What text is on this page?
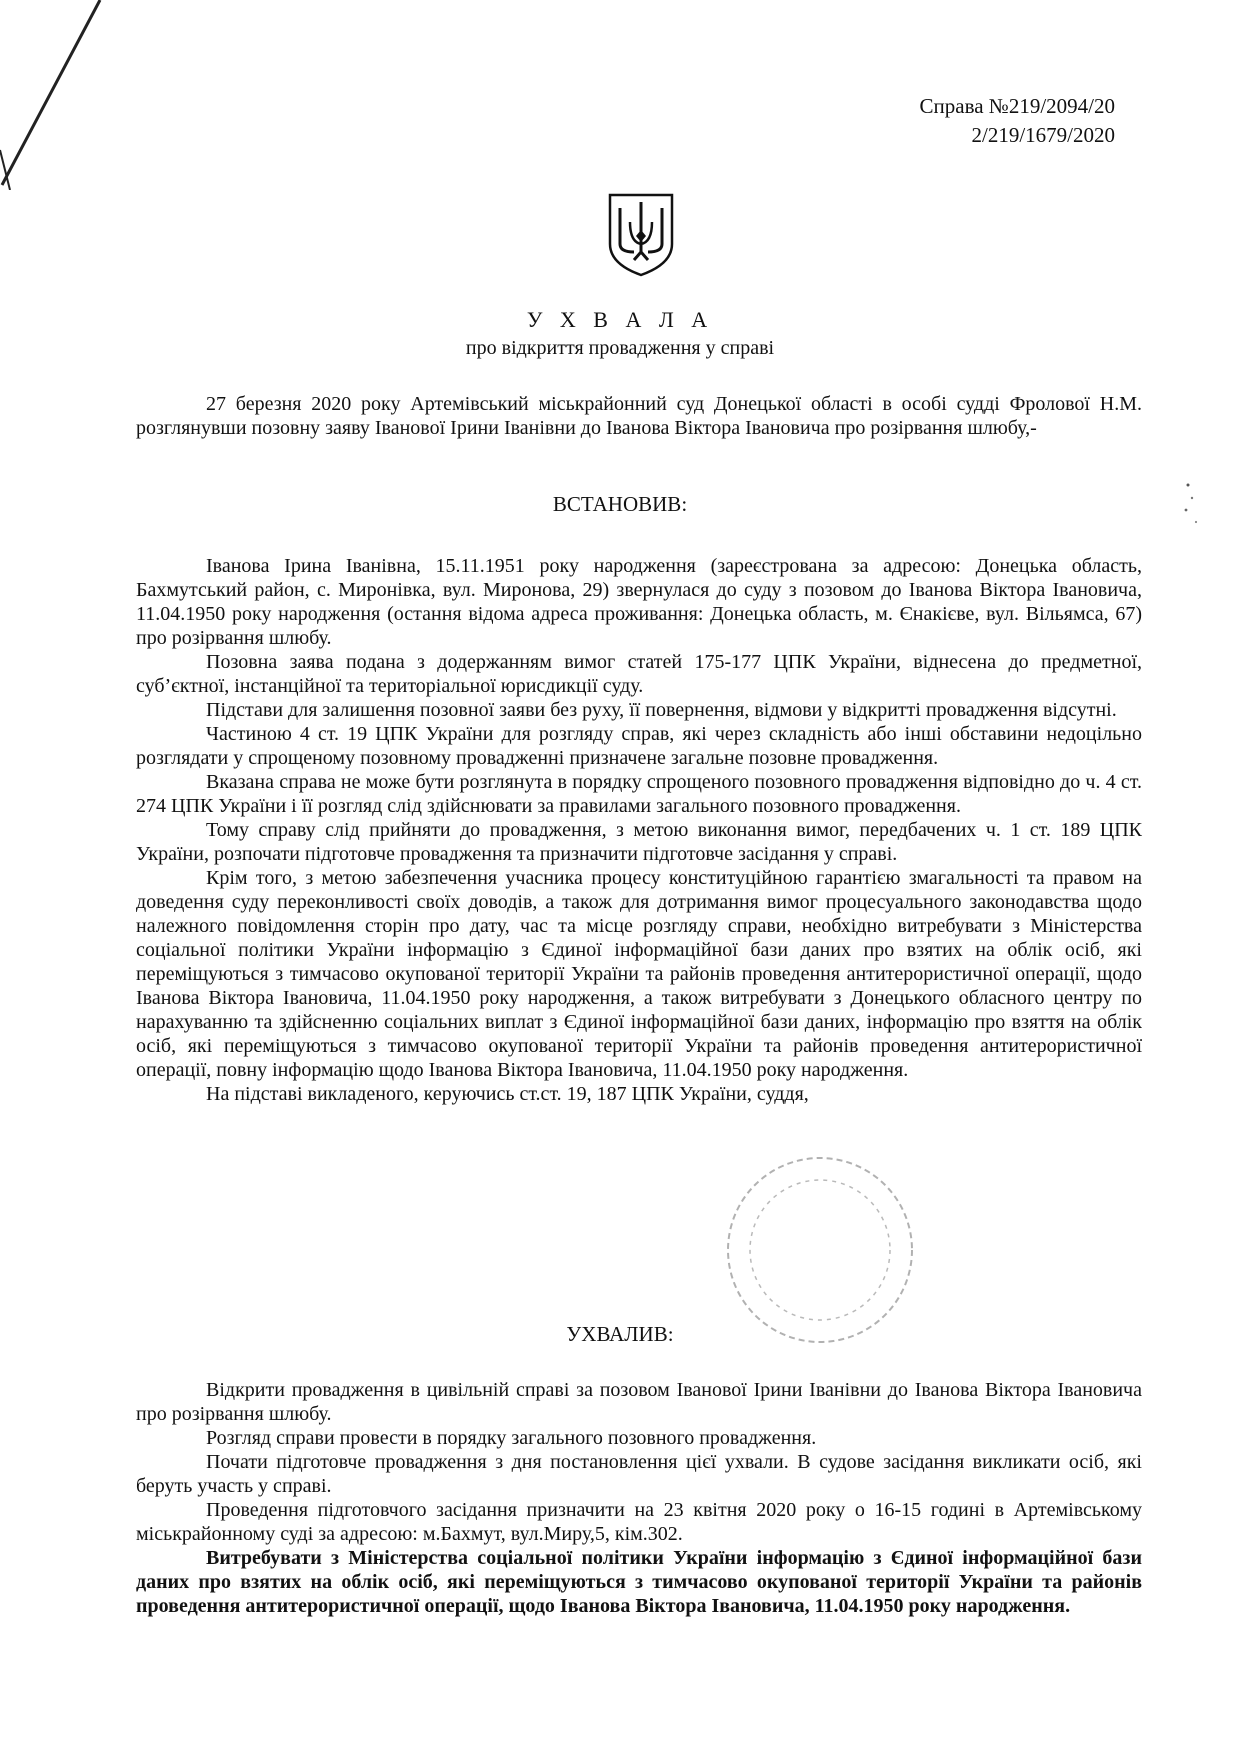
Справа №219/2094/20
2/219/1679/2020
У Х В А Л А
про відкриття провадження у справі

27 березня 2020 року Артемівський міськрайонний суд Донецької області в особі судді Фролової Н.М. розглянувши позовну заяву Іванової Ірини Іванівни до Іванова Віктора Івановича про розірвання шлюбу,-

ВСТАНОВИВ:

Іванова Ірина Іванівна, 15.11.1951 року народження (зареєстрована за адресою: Донецька область, Бахмутський район, с. Миронівка, вул. Миронова, 29) звернулася до суду з позовом до Іванова Віктора Івановича, 11.04.1950 року народження (остання відома адреса проживання: Донецька область, м. Єнакієве, вул. Вільямса, 67) про розірвання шлюбу.

Позовна заява подана з додержанням вимог статей 175-177 ЦПК України, віднесена до предметної, суб’єктної, інстанційної та територіальної юрисдикції суду.

Підстави для залишення позовної заяви без руху, її повернення, відмови у відкритті провадження відсутні.

Частиною 4 ст. 19 ЦПК України для розгляду справ, які через складність або інші обставини недоцільно розглядати у спрощеному позовному провадженні призначене загальне позовне провадження.

Вказана справа не може бути розглянута в порядку спрощеного позовного провадження відповідно до ч. 4 ст. 274 ЦПК України і її розгляд слід здійснювати за правилами загального позовного провадження.

Тому справу слід прийняти до провадження, з метою виконання вимог, передбачених ч. 1 ст. 189 ЦПК України, розпочати підготовче провадження та призначити підготовче засідання у справі.

Крім того, з метою забезпечення учасника процесу конституційною гарантією змагальності та правом на доведення суду переконливості своїх доводів, а також для дотримання вимог процесуального законодавства щодо належного повідомлення сторін про дату, час та місце розгляду справи, необхідно витребувати з Міністерства соціальної політики України інформацію з Єдиної інформаційної бази даних про взятих на облік осіб, які переміщуються з тимчасово окупованої території України та районів проведення антитерористичної операції, щодо Іванова Віктора Івановича, 11.04.1950 року народження, а також витребувати з Донецького обласного центру по нарахуванню та здійсненню соціальних виплат з Єдиної інформаційної бази даних, інформацію про взяття на облік осіб, які переміщуються з тимчасово окупованої території України та районів проведення антитерористичної операції, повну інформацію щодо Іванова Віктора Івановича, 11.04.1950 року народження.

На підставі викладеного, керуючись ст.ст. 19, 187 ЦПК України, суддя,

УХВАЛИВ:

Відкрити провадження в цивільній справі за позовом Іванової Ірини Іванівни до Іванова Віктора Івановича про розірвання шлюбу.

Розгляд справи провести в порядку загального позовного провадження.

Почати підготовче провадження з дня постановлення цієї ухвали. В судове засідання викликати осіб, які беруть участь у справі.

Проведення підготовчого засідання призначити на 23 квітня 2020 року о 16-15 годині в Артемівському міськрайонному суді за адресою: м.Бахмут, вул.Миру,5, кім.302.

Витребувати з Міністерства соціальної політики України інформацію з Єдиної інформаційної бази даних про взятих на облік осіб, які переміщуються з тимчасово окупованої території України та районів проведення антитерористичної операції, щодо Іванова Віктора Івановича, 11.04.1950 року народження.
